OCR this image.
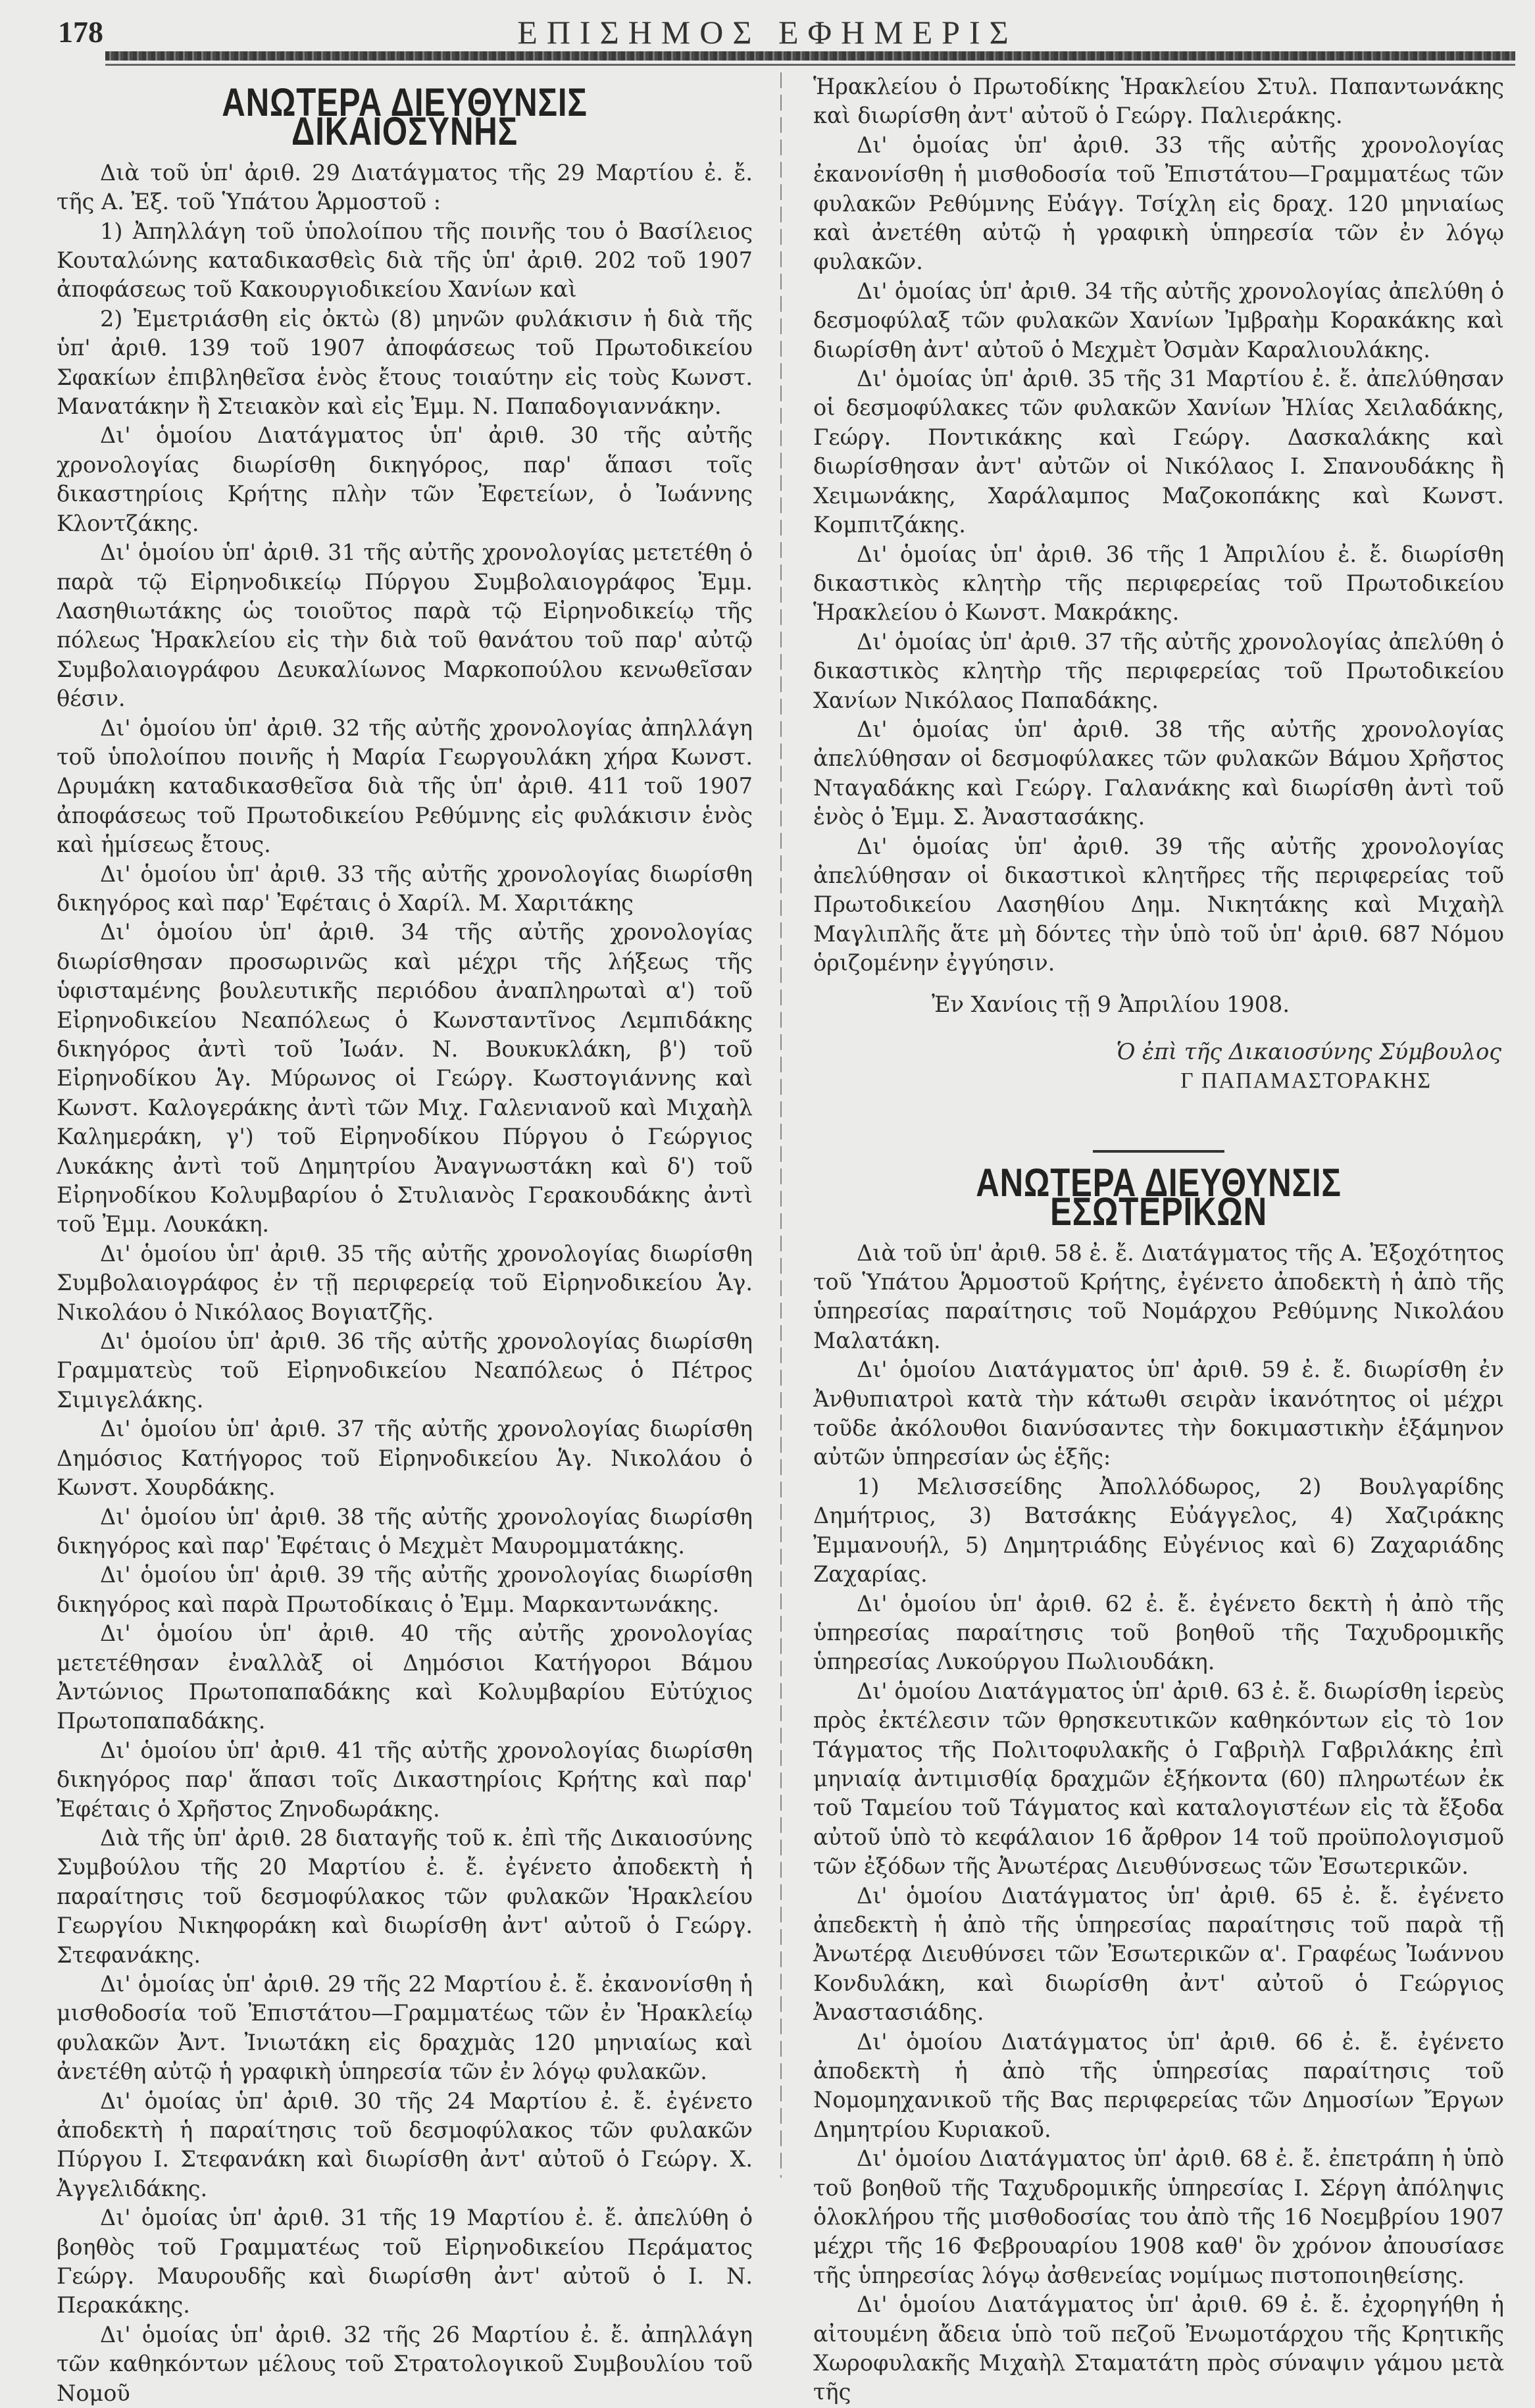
178	ΕΠΙΣΗΜΟΣ ΕΦΗΜΕΡΙΣ
ΑΝΩΤΕΡΑ ΔΙΕΥΘΥΝΣΙΣ ΔΙΚΑΙΟΣΥΝΗΣ

Διὰ τοῦ ὑπ' ἀριθ. 29 Διατάγματος τῆς 29 Μαρτίου ἐ. ἔ. τῆς Α. Ἐξ. τοῦ Ὑπάτου Ἁρμοστοῦ :

1) Ἀπηλλάγη τοῦ ὑπολοίπου τῆς ποινῆς του ὁ Βασίλειος Κουταλώνης καταδικασθεὶς διὰ τῆς ὑπ' ἀριθ. 202 τοῦ 1907 ἀποφάσεως τοῦ Κακουργιοδικείου Χανίων καὶ

2) Ἐμετριάσθη εἰς ὀκτὼ (8) μηνῶν φυλάκισιν ἡ διὰ τῆς ὑπ' ἀριθ. 139 τοῦ 1907 ἀποφάσεως τοῦ Πρωτοδικείου Σφακίων ἐπιβληθεῖσα ἑνὸς ἔτους τοιαύτην εἰς τοὺς Κωνστ. Μανατάκην ἢ Στειακὸν καὶ εἰς Ἐμμ. Ν. Παπαδογιαννάκην.

Δι' ὁμοίου Διατάγματος ὑπ' ἀριθ. 30 τῆς αὐτῆς χρονολογίας διωρίσθη δικηγόρος, παρ' ἅπασι τοῖς δικαστηρίοις Κρήτης πλὴν τῶν Ἐφετείων, ὁ Ἰωάννης Κλοντζάκης.

Δι' ὁμοίου ὑπ' ἀριθ. 31 τῆς αὐτῆς χρονολογίας μετετέθη ὁ παρὰ τῷ Εἰρηνοδικείῳ Πύργου Συμβολαιογράφος Ἐμμ. Λασηθιωτάκης ὡς τοιοῦτος παρὰ τῷ Εἰρηνοδικείῳ τῆς πόλεως Ἡρακλείου εἰς τὴν διὰ τοῦ θανάτου τοῦ παρ' αὐτῷ Συμβολαιογράφου Δευκαλίωνος Μαρκοπούλου κενωθεῖσαν θέσιν.

Δι' ὁμοίου ὑπ' ἀριθ. 32 τῆς αὐτῆς χρονολογίας ἀπηλλάγη τοῦ ὑπολοίπου ποινῆς ἡ Μαρία Γεωργουλάκη χήρα Κωνστ. Δρυμάκη καταδικασθεῖσα διὰ τῆς ὑπ' ἀριθ. 411 τοῦ 1907 ἀποφάσεως τοῦ Πρωτοδικείου Ρεθύμνης εἰς φυλάκισιν ἑνὸς καὶ ἡμίσεως ἔτους.

Δι' ὁμοίου ὑπ' ἀριθ. 33 τῆς αὐτῆς χρονολογίας διωρίσθη δικηγόρος καὶ παρ' Ἐφέταις ὁ Χαρίλ. Μ. Χαριτάκης

Δι' ὁμοίου ὑπ' ἀριθ. 34 τῆς αὐτῆς χρονολογίας διωρίσθησαν προσωρινῶς καὶ μέχρι τῆς λήξεως τῆς ὑφισταμένης βουλευτικῆς περιόδου ἀναπληρωταὶ α') τοῦ Εἰρηνοδικείου Νεαπόλεως ὁ Κωνσταντῖνος Λεμπιδάκης δικηγόρος ἀντὶ τοῦ Ἰωάν. Ν. Βουκυκλάκη, β') τοῦ Εἰρηνοδίκου Ἁγ. Μύρωνος οἱ Γεώργ. Κωστογιάννης καὶ Κωνστ. Καλογεράκης ἀντὶ τῶν Μιχ. Γαλενιανοῦ καὶ Μιχαὴλ Καλημεράκη, γ') τοῦ Εἰρηνοδίκου Πύργου ὁ Γεώργιος Λυκάκης ἀντὶ τοῦ Δημητρίου Ἀναγνωστάκη καὶ δ') τοῦ Εἰρηνοδίκου Κολυμβαρίου ὁ Στυλιανὸς Γερακουδάκης ἀντὶ τοῦ Ἐμμ. Λουκάκη.

Δι' ὁμοίου ὑπ' ἀριθ. 35 τῆς αὐτῆς χρονολογίας διωρίσθη Συμβολαιογράφος ἐν τῇ περιφερείᾳ τοῦ Εἰρηνοδικείου Ἁγ. Νικολάου ὁ Νικόλαος Βογιατζῆς.

Δι' ὁμοίου ὑπ' ἀριθ. 36 τῆς αὐτῆς χρονολογίας διωρίσθη Γραμματεὺς τοῦ Εἰρηνοδικείου Νεαπόλεως ὁ Πέτρος Σιμιγελάκης.

Δι' ὁμοίου ὑπ' ἀριθ. 37 τῆς αὐτῆς χρονολογίας διωρίσθη Δημόσιος Κατήγορος τοῦ Εἰρηνοδικείου Ἁγ. Νικολάου ὁ Κωνστ. Χουρδάκης.

Δι' ὁμοίου ὑπ' ἀριθ. 38 τῆς αὐτῆς χρονολογίας διωρίσθη δικηγόρος καὶ παρ' Ἐφέταις ὁ Μεχμὲτ Μαυρομματάκης.

Δι' ὁμοίου ὑπ' ἀριθ. 39 τῆς αὐτῆς χρονολογίας διωρίσθη δικηγόρος καὶ παρὰ Πρωτοδίκαις ὁ Ἐμμ. Μαρκαντωνάκης.

Δι' ὁμοίου ὑπ' ἀριθ. 40 τῆς αὐτῆς χρονολογίας μετετέθησαν ἐναλλὰξ οἱ Δημόσιοι Κατήγοροι Βάμου Ἀντώνιος Πρωτοπαπαδάκης καὶ Κολυμβαρίου Εὐτύχιος Πρωτοπαπαδάκης.

Δι' ὁμοίου ὑπ' ἀριθ. 41 τῆς αὐτῆς χρονολογίας διωρίσθη δικηγόρος παρ' ἅπασι τοῖς Δικαστηρίοις Κρήτης καὶ παρ' Ἐφέταις ὁ Χρῆστος Ζηνοδωράκης.

Διὰ τῆς ὑπ' ἀριθ. 28 διαταγῆς τοῦ κ. ἐπὶ τῆς Δικαιοσύνης Συμβούλου τῆς 20 Μαρτίου ἐ. ἔ. ἐγένετο ἀποδεκτὴ ἡ παραίτησις τοῦ δεσμοφύλακος τῶν φυλακῶν Ἡρακλείου Γεωργίου Νικηφοράκη καὶ διωρίσθη ἀντ' αὐτοῦ ὁ Γεώργ. Στεφανάκης.

Δι' ὁμοίας ὑπ' ἀριθ. 29 τῆς 22 Μαρτίου ἐ. ἔ. ἐκανονίσθη ἡ μισθοδοσία τοῦ Ἐπιστάτου—Γραμματέως τῶν ἐν Ἡρακλείῳ φυλακῶν Ἀντ. Ἰνιωτάκη εἰς δραχμὰς 120 μηνιαίως καὶ ἀνετέθη αὐτῷ ἡ γραφικὴ ὑπηρεσία τῶν ἐν λόγῳ φυλακῶν.

Δι' ὁμοίας ὑπ' ἀριθ. 30 τῆς 24 Μαρτίου ἐ. ἔ. ἐγένετο ἀποδεκτὴ ἡ παραίτησις τοῦ δεσμοφύλακος τῶν φυλακῶν Πύργου Ι. Στεφανάκη καὶ διωρίσθη ἀντ' αὐτοῦ ὁ Γεώργ. Χ. Ἀγγελιδάκης.

Δι' ὁμοίας ὑπ' ἀριθ. 31 τῆς 19 Μαρτίου ἐ. ἔ. ἀπελύθη ὁ βοηθὸς τοῦ Γραμματέως τοῦ Εἰρηνοδικείου Περάματος Γεώργ. Μαυρουδῆς καὶ διωρίσθη ἀντ' αὐτοῦ ὁ Ι. Ν. Περακάκης.

Δι' ὁμοίας ὑπ' ἀριθ. 32 τῆς 26 Μαρτίου ἐ. ἔ. ἀπηλλάγη τῶν καθηκόντων μέλους τοῦ Στρατολογικοῦ Συμβουλίου τοῦ Νομοῦ

Ἡρακλείου ὁ Πρωτοδίκης Ἡρακλείου Στυλ. Παπαντωνάκης καὶ διωρίσθη ἀντ' αὐτοῦ ὁ Γεώργ. Παλιεράκης.

Δι' ὁμοίας ὑπ' ἀριθ. 33 τῆς αὐτῆς χρονολογίας ἐκανονίσθη ἡ μισθοδοσία τοῦ Ἐπιστάτου—Γραμματέως τῶν φυλακῶν Ρεθύμνης Εὐάγγ. Τσίχλη εἰς δραχ. 120 μηνιαίως καὶ ἀνετέθη αὐτῷ ἡ γραφικὴ ὑπηρεσία τῶν ἐν λόγῳ φυλακῶν.

Δι' ὁμοίας ὑπ' ἀριθ. 34 τῆς αὐτῆς χρονολογίας ἀπελύθη ὁ δεσμοφύλαξ τῶν φυλακῶν Χανίων Ἰμβραὴμ Κορακάκης καὶ διωρίσθη ἀντ' αὐτοῦ ὁ Μεχμὲτ Ὀσμὰν Καραλιουλάκης.

Δι' ὁμοίας ὑπ' ἀριθ. 35 τῆς 31 Μαρτίου ἐ. ἔ. ἀπελύθησαν οἱ δεσμοφύλακες τῶν φυλακῶν Χανίων Ἠλίας Χειλαδάκης, Γεώργ. Ποντικάκης καὶ Γεώργ. Δασκαλάκης καὶ διωρίσθησαν ἀντ' αὐτῶν οἱ Νικόλαος Ι. Σπανουδάκης ἢ Χειμωνάκης, Χαράλαμπος Μαζοκοπάκης καὶ Κωνστ. Κομπιτζάκης.

Δι' ὁμοίας ὑπ' ἀριθ. 36 τῆς 1 Ἀπριλίου ἐ. ἔ. διωρίσθη δικαστικὸς κλητὴρ τῆς περιφερείας τοῦ Πρωτοδικείου Ἡρακλείου ὁ Κωνστ. Μακράκης.

Δι' ὁμοίας ὑπ' ἀριθ. 37 τῆς αὐτῆς χρονολογίας ἀπελύθη ὁ δικαστικὸς κλητὴρ τῆς περιφερείας τοῦ Πρωτοδικείου Χανίων Νικόλαος Παπαδάκης.

Δι' ὁμοίας ὑπ' ἀριθ. 38 τῆς αὐτῆς χρονολογίας ἀπελύθησαν οἱ δεσμοφύλακες τῶν φυλακῶν Βάμου Χρῆστος Νταγαδάκης καὶ Γεώργ. Γαλανάκης καὶ διωρίσθη ἀντὶ τοῦ ἑνὸς ὁ Ἐμμ. Σ. Ἀναστασάκης.

Δι' ὁμοίας ὑπ' ἀριθ. 39 τῆς αὐτῆς χρονολογίας ἀπελύθησαν οἱ δικαστικοὶ κλητῆρες τῆς περιφερείας τοῦ Πρωτοδικείου Λασηθίου Δημ. Νικητάκης καὶ Μιχαὴλ Μαγλιπλῆς ἅτε μὴ δόντες τὴν ὑπὸ τοῦ ὑπ' ἀριθ. 687 Νόμου ὁριζομένην ἐγγύησιν.

Ἐν Χανίοις τῇ 9 Ἀπριλίου 1908.

Ὁ ἐπὶ τῆς Δικαιοσύνης Σύμβουλος
Γ ΠΑΠΑΜΑΣΤΟΡΑΚΗΣ
ΑΝΩΤΕΡΑ ΔΙΕΥΘΥΝΣΙΣ ΕΣΩΤΕΡΙΚΩΝ

Διὰ τοῦ ὑπ' ἀριθ. 58 ἐ. ἔ. Διατάγματος τῆς Α. Ἐξοχότητος τοῦ Ὑπάτου Ἁρμοστοῦ Κρήτης, ἐγένετο ἀποδεκτὴ ἡ ἀπὸ τῆς ὑπηρεσίας παραίτησις τοῦ Νομάρχου Ρεθύμνης Νικολάου Μαλατάκη.

Δι' ὁμοίου Διατάγματος ὑπ' ἀριθ. 59 ἐ. ἔ. διωρίσθη ἐν Ἀνθυπιατροὶ κατὰ τὴν κάτωθι σειρὰν ἱκανότητος οἱ μέχρι τοῦδε ἀκόλουθοι διανύσαντες τὴν δοκιμαστικὴν ἑξάμηνον αὐτῶν ὑπηρεσίαν ὡς ἑξῆς:

1) Μελισσείδης Ἀπολλόδωρος, 2) Βουλγαρίδης Δημήτριος, 3) Βατσάκης Εὐάγγελος, 4) Χαζιράκης Ἐμμανουήλ, 5) Δημητριάδης Εὐγένιος καὶ 6) Ζαχαριάδης Ζαχαρίας.

Δι' ὁμοίου ὑπ' ἀριθ. 62 ἐ. ἔ. ἐγένετο δεκτὴ ἡ ἀπὸ τῆς ὑπηρεσίας παραίτησις τοῦ βοηθοῦ τῆς Ταχυδρομικῆς ὑπηρεσίας Λυκούργου Πωλιουδάκη.

Δι' ὁμοίου Διατάγματος ὑπ' ἀριθ. 63 ἐ. ἔ. διωρίσθη ἱερεὺς πρὸς ἐκτέλεσιν τῶν θρησκευτικῶν καθηκόντων εἰς τὸ 1ον Τάγματος τῆς Πολιτοφυλακῆς ὁ Γαβριὴλ Γαβριλάκης ἐπὶ μηνιαίᾳ ἀντιμισθίᾳ δραχμῶν ἑξήκοντα (60) πληρωτέων ἐκ τοῦ Ταμείου τοῦ Τάγματος καὶ καταλογιστέων εἰς τὰ ἔξοδα αὐτοῦ ὑπὸ τὸ κεφάλαιον 16 ἄρθρον 14 τοῦ προϋπολογισμοῦ τῶν ἐξόδων τῆς Ἀνωτέρας Διευθύνσεως τῶν Ἐσωτερικῶν.

Δι' ὁμοίου Διατάγματος ὑπ' ἀριθ. 65 ἐ. ἔ. ἐγένετο ἀπεδεκτὴ ἡ ἀπὸ τῆς ὑπηρεσίας παραίτησις τοῦ παρὰ τῇ Ἀνωτέρᾳ Διευθύνσει τῶν Ἐσωτερικῶν α'. Γραφέως Ἰωάννου Κονδυλάκη, καὶ διωρίσθη ἀντ' αὐτοῦ ὁ Γεώργιος Ἀναστασιάδης.

Δι' ὁμοίου Διατάγματος ὑπ' ἀριθ. 66 ἐ. ἔ. ἐγένετο ἀποδεκτὴ ἡ ἀπὸ τῆς ὑπηρεσίας παραίτησις τοῦ Νομομηχανικοῦ τῆς Βας περιφερείας τῶν Δημοσίων Ἔργων Δημητρίου Κυριακοῦ.

Δι' ὁμοίου Διατάγματος ὑπ' ἀριθ. 68 ἐ. ἔ. ἐπετράπη ἡ ὑπὸ τοῦ βοηθοῦ τῆς Ταχυδρομικῆς ὑπηρεσίας Ι. Σέργη ἀπόληψις ὁλοκλήρου τῆς μισθοδοσίας του ἀπὸ τῆς 16 Νοεμβρίου 1907 μέχρι τῆς 16 Φεβρουαρίου 1908 καθ' ὃν χρόνον ἀπουσίασε τῆς ὑπηρεσίας λόγῳ ἀσθενείας νομίμως πιστοποιηθείσης.

Δι' ὁμοίου Διατάγματος ὑπ' ἀριθ. 69 ἐ. ἔ. ἐχορηγήθη ἡ αἰτουμένη ἄδεια ὑπὸ τοῦ πεζοῦ Ἐνωμοτάρχου τῆς Κρητικῆς Χωροφυλακῆς Μιχαὴλ Σταματάτη πρὸς σύναψιν γάμου μετὰ τῆς
